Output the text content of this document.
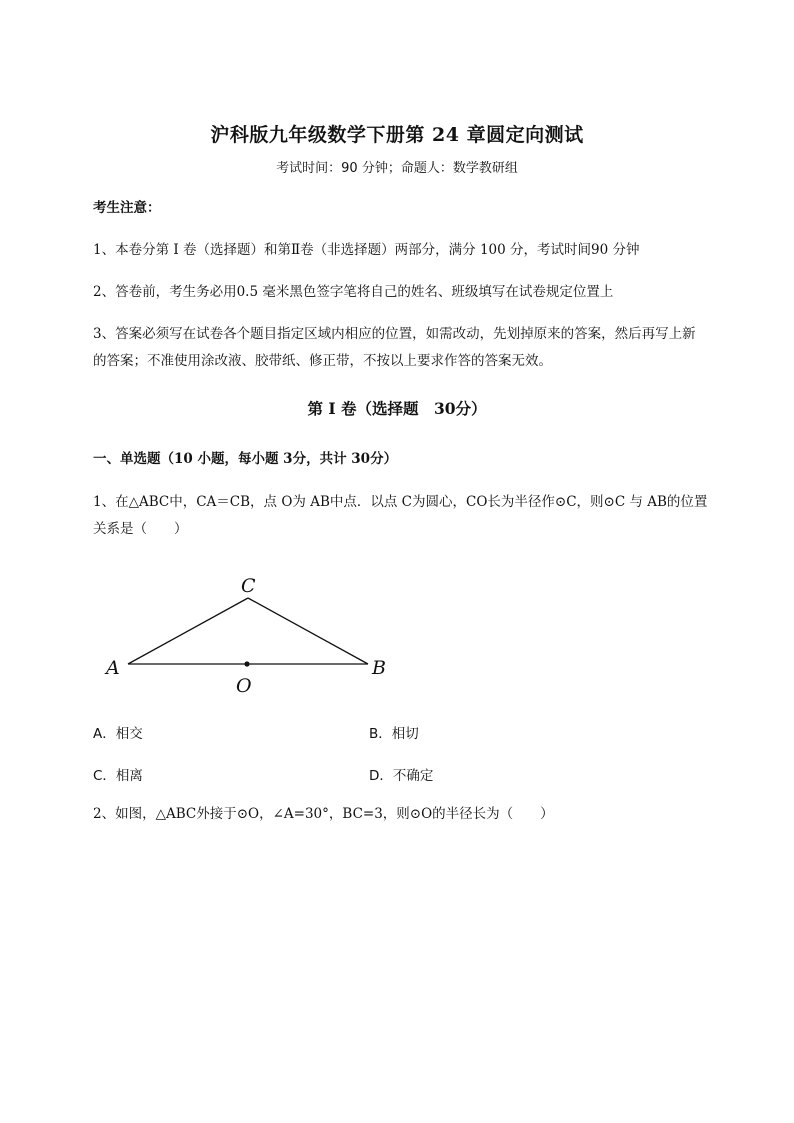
沪科版九年级数学下册第 24 章圆定向测试
考试时间：90 分钟；命题人：数学教研组
考生注意：
1、本卷分第 I 卷（选择题）和第Ⅱ卷（非选择题）两部分，满分 100 分，考试时间90 分钟
2、答卷前，考生务必用0.5 毫米黑色签字笔将自己的姓名、班级填写在试卷规定位置上
3、答案必须写在试卷各个题目指定区域内相应的位置，如需改动，先划掉原来的答案，然后再写上新
的答案；不准使用涂改液、胶带纸、修正带，不按以上要求作答的答案无效。
第 I 卷（选择题　30分）
一、单选题（10 小题，每小题 3分，共计 30分）
1、在△ABC中，CA＝CB，点 O为 AB中点．以点 C为圆心，CO长为半径作⊙C，则⊙C 与 AB的位置
关系是（　　）
A	B
C
O
A．相交	B．相切
C．相离	D．不确定
2、如图，△ABC外接于⊙O，∠A=30°，BC=3，则⊙O的半径长为（　　）
